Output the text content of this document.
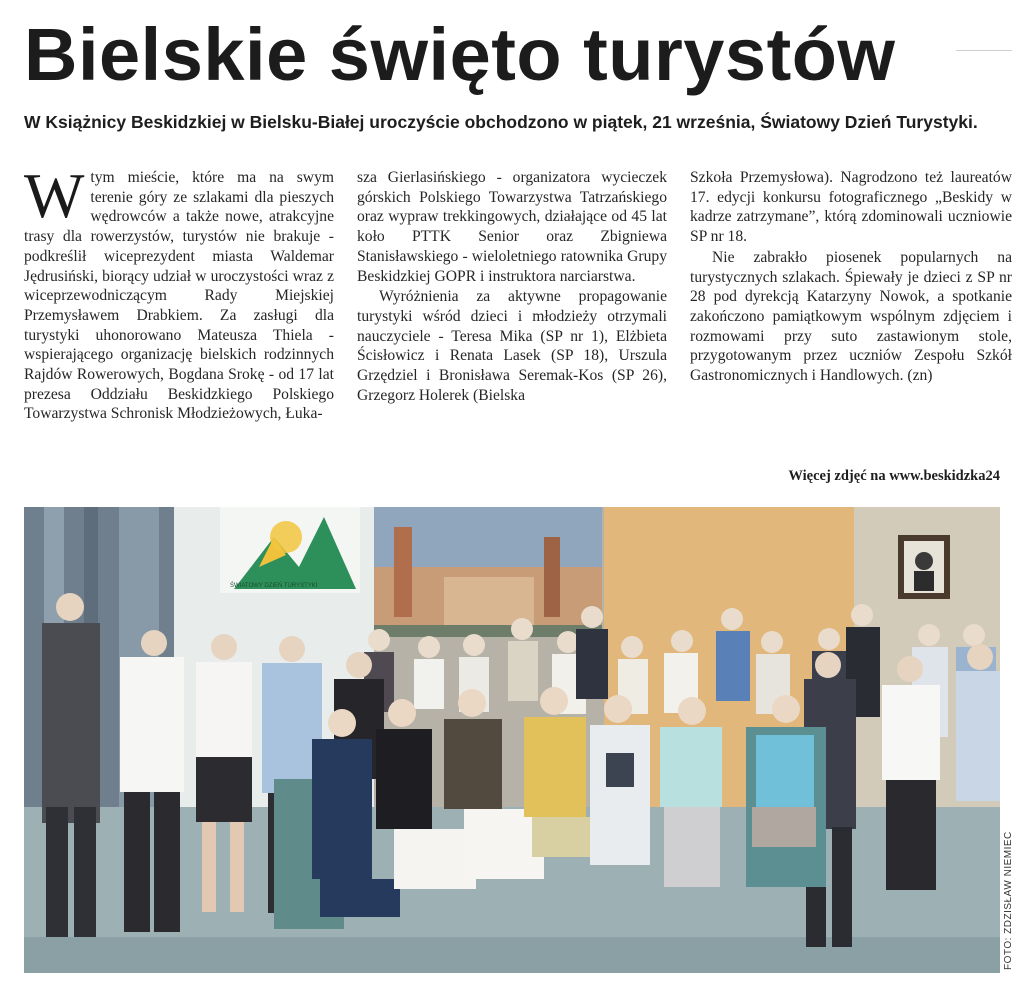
Bielskie święto turystów
W Książnicy Beskidzkiej w Bielsku-Białej uroczyście obchodzono w piątek, 21 września, Światowy Dzień Turystyki.

Wtym mieście, które ma na swym terenie góry ze szlakami dla pieszych wędrowców a także nowe, atrakcyjne trasy dla rowerzystów, turystów nie brakuje - podkreślił wiceprezydent miasta Waldemar Jędrusiński, biorący udział w uroczystości wraz z wiceprzewodniczącym Rady Miejskiej Przemysławem Drabkiem. Za zasługi dla turystyki uhonorowano Mateusza Thiela - wspierającego organizację bielskich rodzinnych Rajdów Rowerowych, Bogdana Srokę - od 17 lat prezesa Oddziału Beskidzkiego Polskiego Towarzystwa Schronisk Młodzieżowych, Łuka-

sza Gierlasińskiego - organizatora wycieczek górskich Polskiego Towarzystwa Tatrzańskiego oraz wypraw trekkingowych, działające od 45 lat koło PTTK Senior oraz Zbigniewa Stanisławskiego - wieloletniego ratownika Grupy Beskidzkiej GOPR i instruktora narciarstwa.

Wyróżnienia za aktywne propagowanie turystyki wśród dzieci i młodzieży otrzymali nauczyciele - Teresa Mika (SP nr 1), Elżbieta Ścisłowicz i Renata Lasek (SP 18), Urszula Grzędziel i Bronisława Seremak-Kos (SP 26), Grzegorz Holerek (Bielska

Szkoła Przemysłowa). Nagrodzono też laureatów 17. edycji konkursu fotograficznego „Beskidy w kadrze zatrzymane”, którą zdominowali uczniowie SP nr 18.

Nie zabrakło piosenek popularnych na turystycznych szlakach. Śpiewały je dzieci z SP nr 28 pod dyrekcją Katarzyny Nowok, a spotkanie zakończono pamiątkowym wspólnym zdjęciem i rozmowami przy suto zastawionym stole, przygotowanym przez uczniów Zespołu Szkół Gastronomicznych i Handlowych. (zn)

Więcej zdjęć na www.beskidzka24
ŚWIATOWY DZIEŃ TURYSTYKI
FOTO: ZDZISŁAW NIEMIEC
